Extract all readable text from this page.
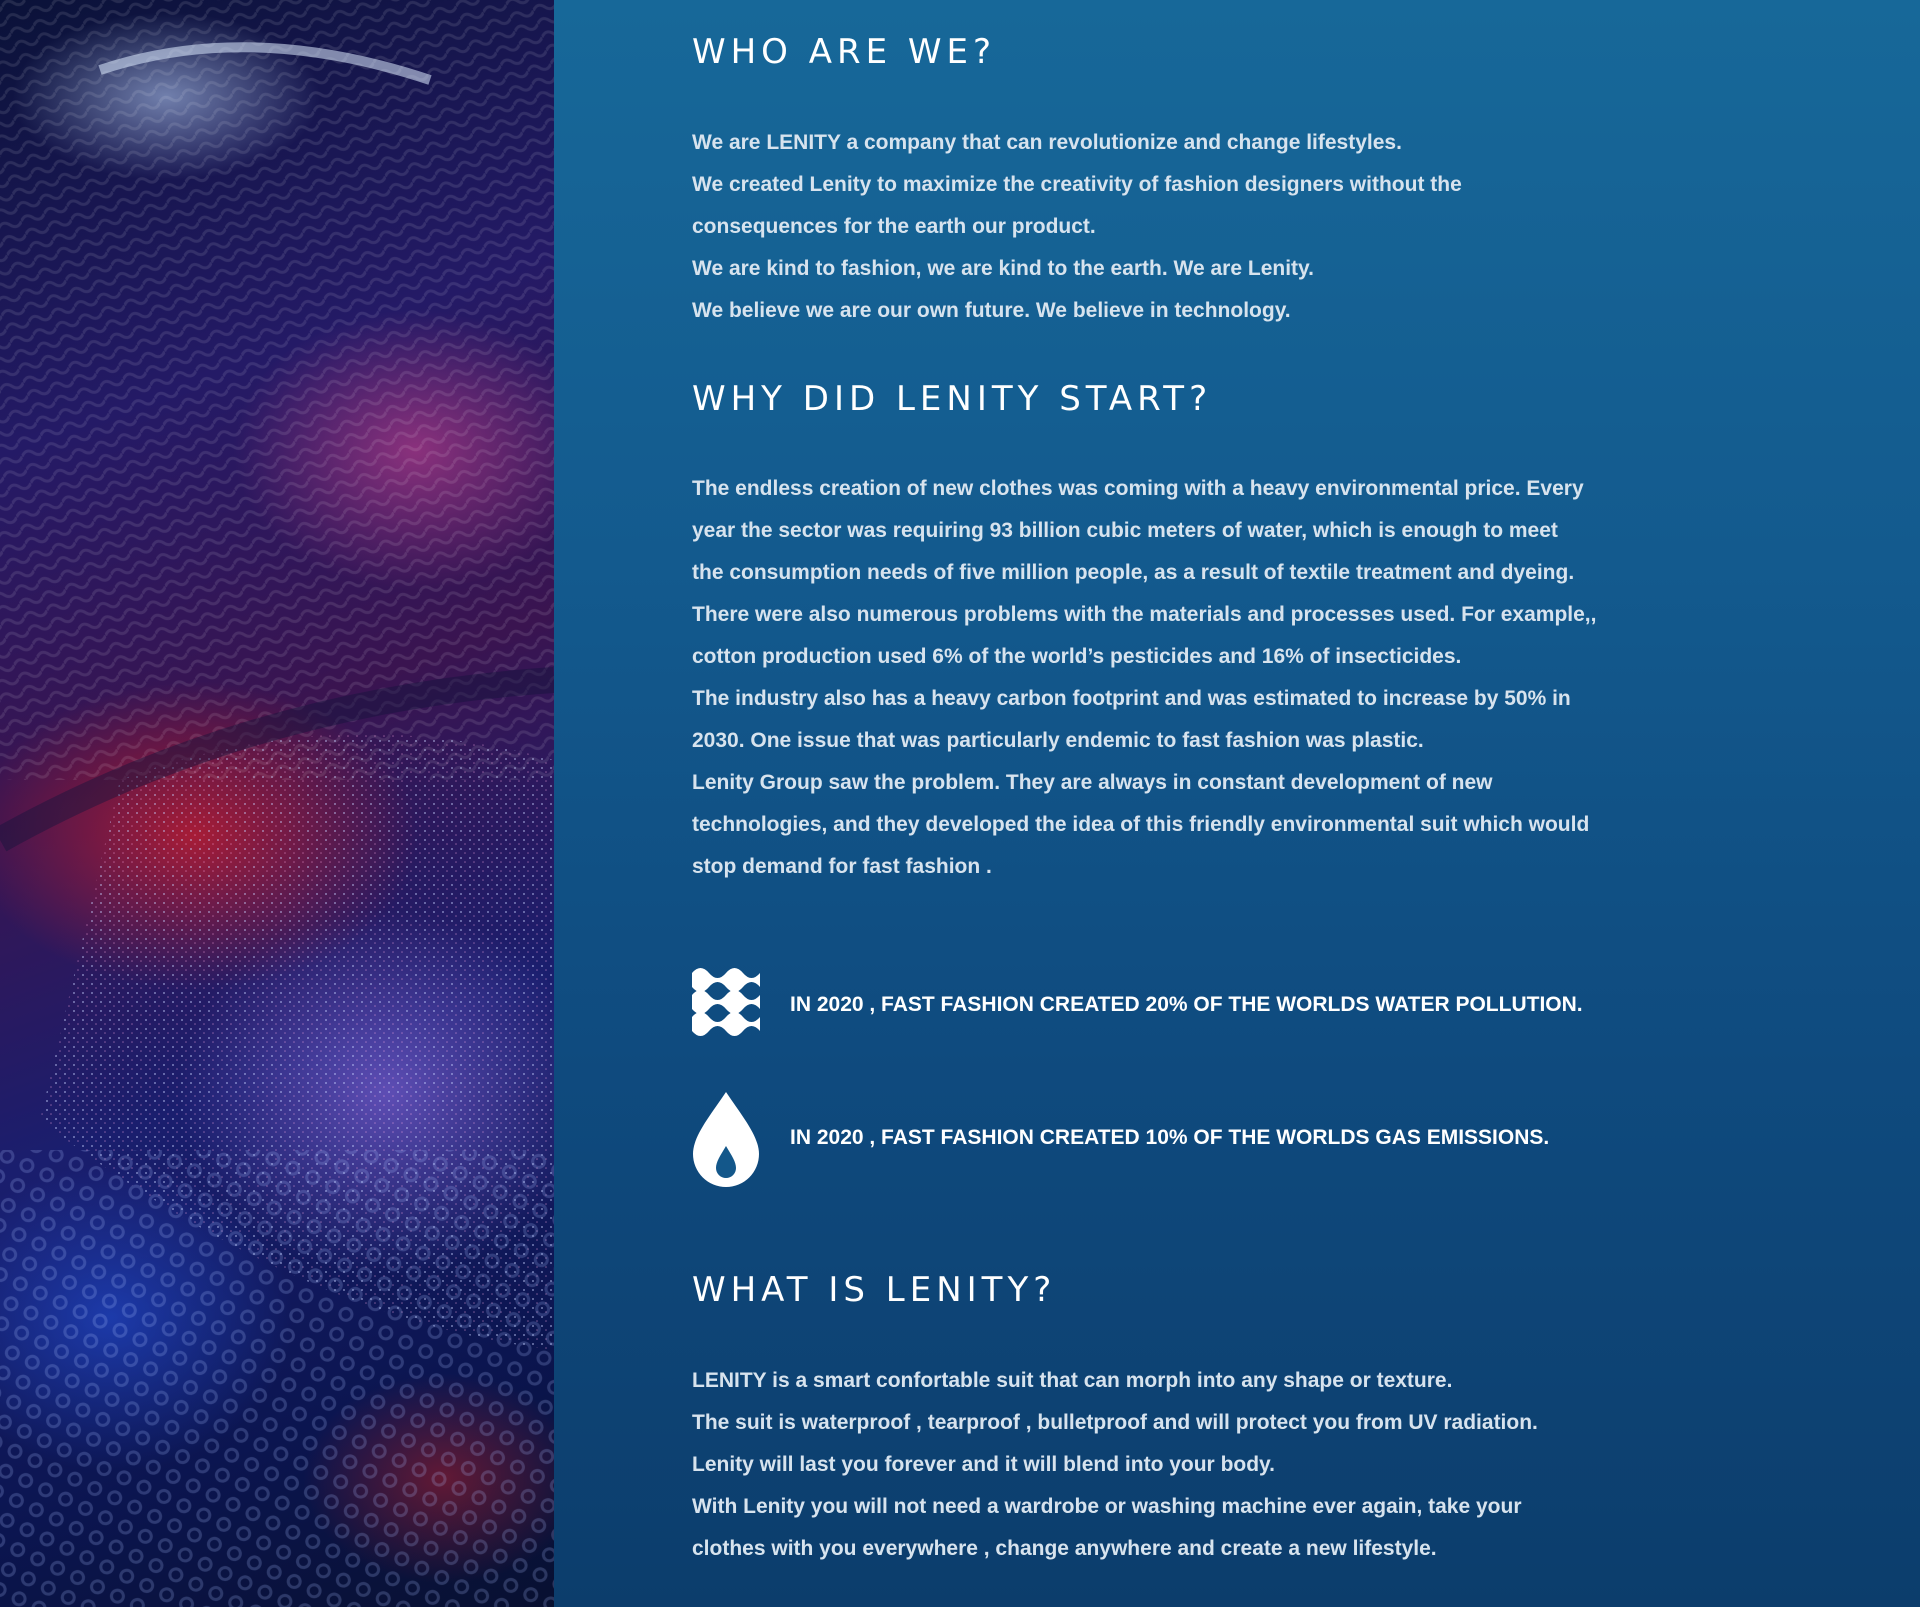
WHO ARE WE?
We are LENITY a company that can revolutionize and change lifestyles.
We created Lenity to maximize the creativity of fashion designers without the
consequences for the earth our product.
We are kind to fashion, we are kind to the earth. We are Lenity.
We believe we are our own future. We believe in technology.
WHY DID LENITY START?
The endless creation of new clothes was coming with a heavy environmental price. Every
year the sector was requiring 93 billion cubic meters of water, which is enough to meet
the consumption needs of five million people, as a result of textile treatment and dyeing.
There were also numerous problems with the materials and processes used. For example,,
cotton production used 6% of the world’s pesticides and 16% of insecticides.
The industry also has a heavy carbon footprint and was estimated to increase by 50% in
2030. One issue that was particularly endemic to fast fashion was plastic.
Lenity Group saw the problem. They are always in constant development of new
technologies, and they developed the idea of this friendly environmental suit which would
stop demand for fast fashion .
IN 2020 , FAST FASHION CREATED 20% OF THE WORLDS WATER POLLUTION.
IN 2020 , FAST FASHION CREATED 10% OF THE WORLDS GAS EMISSIONS.
WHAT IS LENITY?
LENITY is a smart confortable suit that can morph into any shape or texture.
The suit is waterproof , tearproof , bulletproof and will protect you from UV radiation.
Lenity will last you forever and it will blend into your body.
With Lenity you will not need a wardrobe or washing machine ever again, take your
clothes with you everywhere , change anywhere and create a new lifestyle.
